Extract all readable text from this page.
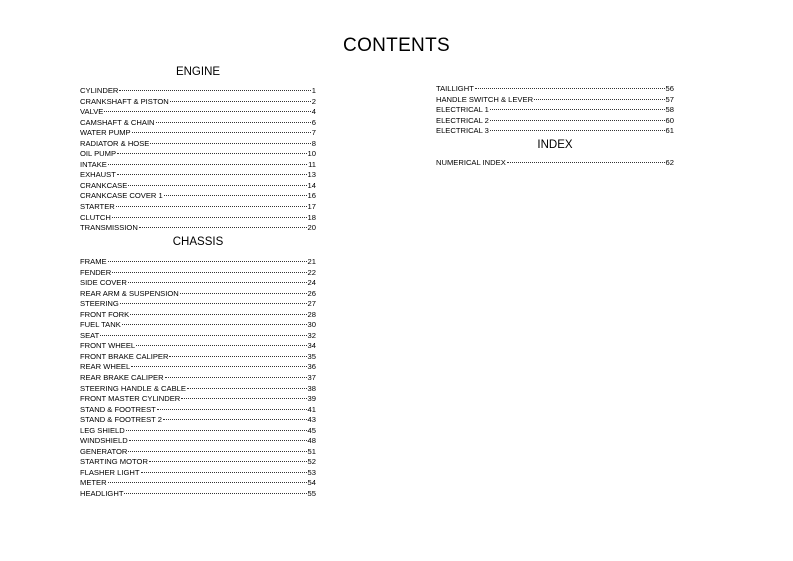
CONTENTS
ENGINE
CYLINDER	1
CRANKSHAFT & PISTON	2
VALVE	4
CAMSHAFT & CHAIN	6
WATER PUMP	7
RADIATOR & HOSE	8
OIL PUMP	10
INTAKE	11
EXHAUST	13
CRANKCASE	14
CRANKCASE COVER 1	16
STARTER	17
CLUTCH	18
TRANSMISSION	20
CHASSIS
FRAME	21
FENDER	22
SIDE COVER	24
REAR ARM & SUSPENSION	26
STEERING	27
FRONT FORK	28
FUEL TANK	30
SEAT	32
FRONT WHEEL	34
FRONT BRAKE CALIPER	35
REAR WHEEL	36
REAR BRAKE CALIPER	37
STEERING HANDLE & CABLE	38
FRONT MASTER CYLINDER	39
STAND & FOOTREST	41
STAND & FOOTREST 2	43
LEG SHIELD	45
WINDSHIELD	48
GENERATOR	51
STARTING MOTOR	52
FLASHER LIGHT	53
METER	54
HEADLIGHT	55
TAILLIGHT	56
HANDLE SWITCH & LEVER	57
ELECTRICAL 1	58
ELECTRICAL 2	60
ELECTRICAL 3	61
INDEX
NUMERICAL INDEX	62
